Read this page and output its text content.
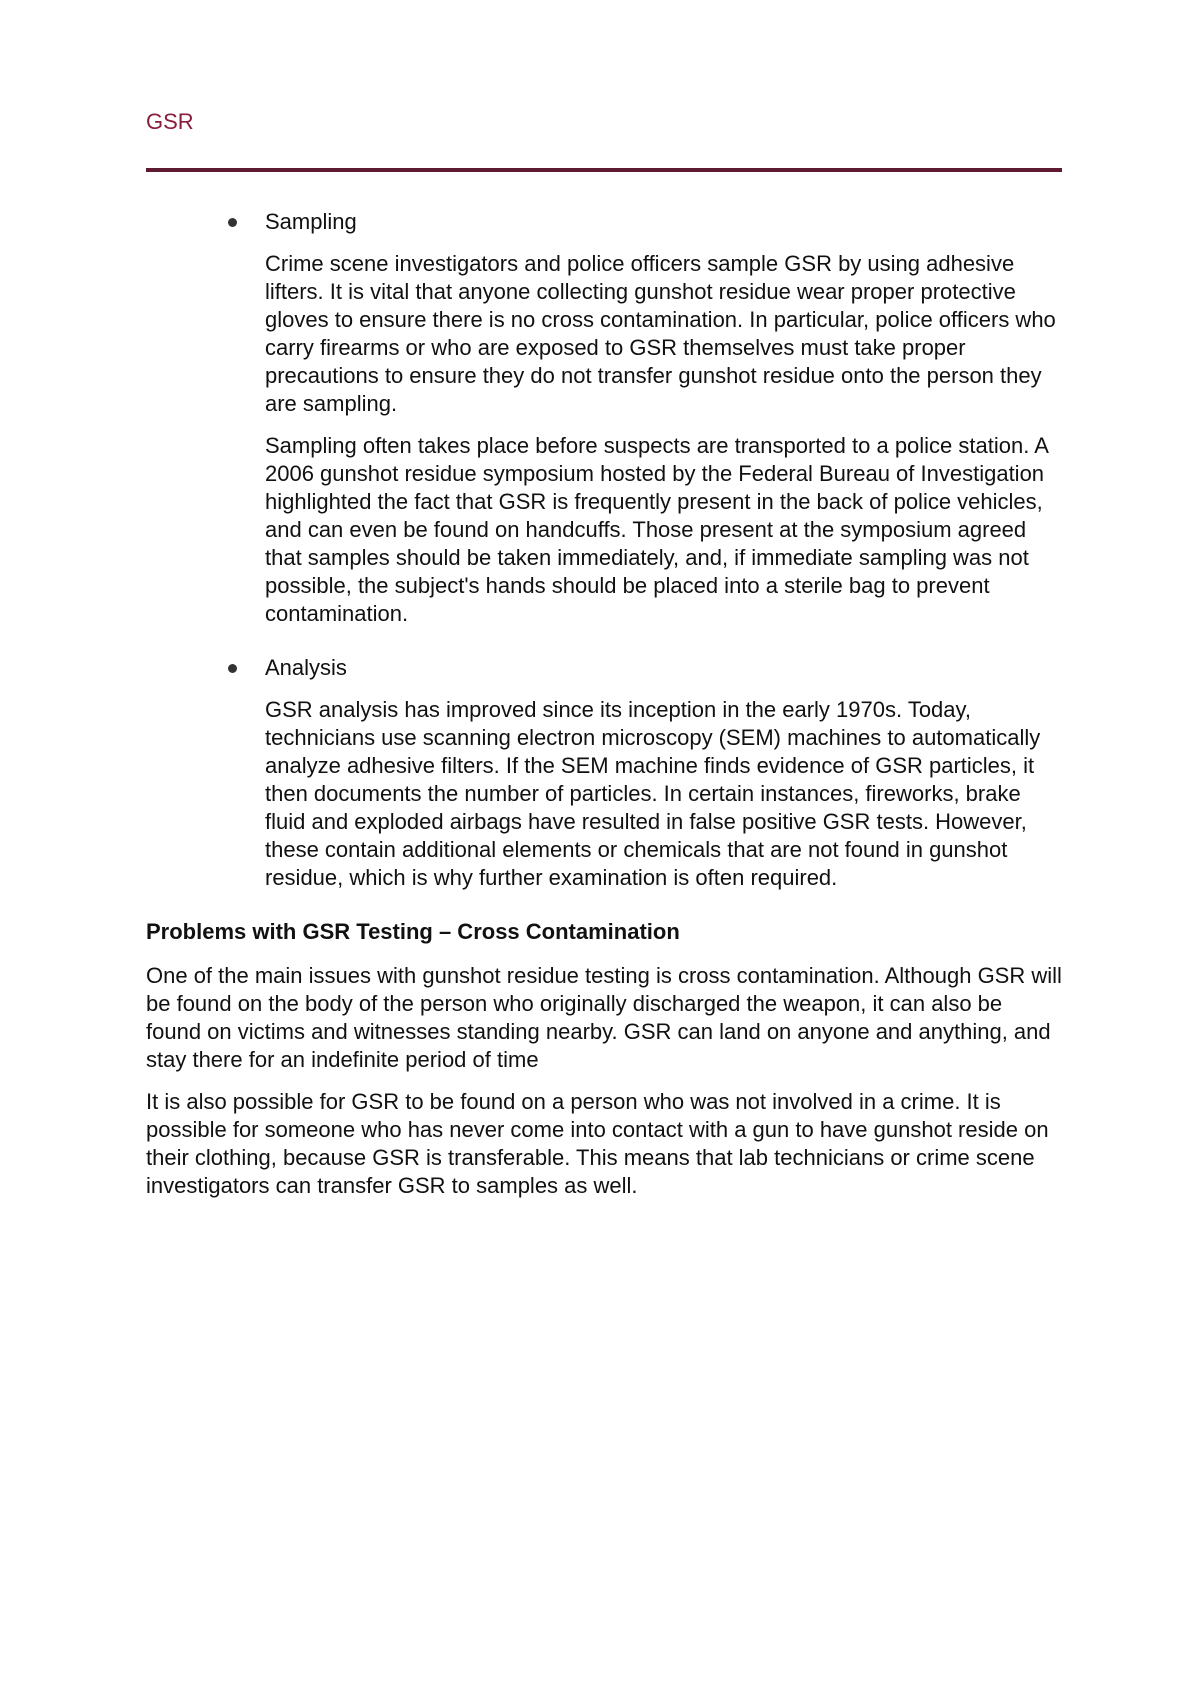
GSR
Sampling

Crime scene investigators and police officers sample GSR by using adhesive lifters. It is vital that anyone collecting gunshot residue wear proper protective gloves to ensure there is no cross contamination. In particular, police officers who carry firearms or who are exposed to GSR themselves must take proper precautions to ensure they do not transfer gunshot residue onto the person they are sampling.

Sampling often takes place before suspects are transported to a police station. A 2006 gunshot residue symposium hosted by the Federal Bureau of Investigation highlighted the fact that GSR is frequently present in the back of police vehicles, and can even be found on handcuffs. Those present at the symposium agreed that samples should be taken immediately, and, if immediate sampling was not possible, the subject's hands should be placed into a sterile bag to prevent contamination.

Analysis

GSR analysis has improved since its inception in the early 1970s. Today, technicians use scanning electron microscopy (SEM) machines to automatically analyze adhesive filters. If the SEM machine finds evidence of GSR particles, it then documents the number of particles. In certain instances, fireworks, brake fluid and exploded airbags have resulted in false positive GSR tests. However, these contain additional elements or chemicals that are not found in gunshot residue, which is why further examination is often required.

Problems with GSR Testing – Cross Contamination

One of the main issues with gunshot residue testing is cross contamination. Although GSR will be found on the body of the person who originally discharged the weapon, it can also be found on victims and witnesses standing nearby. GSR can land on anyone and anything, and stay there for an indefinite period of time

It is also possible for GSR to be found on a person who was not involved in a crime. It is possible for someone who has never come into contact with a gun to have gunshot reside on their clothing, because GSR is transferable. This means that lab technicians or crime scene investigators can transfer GSR to samples as well.
